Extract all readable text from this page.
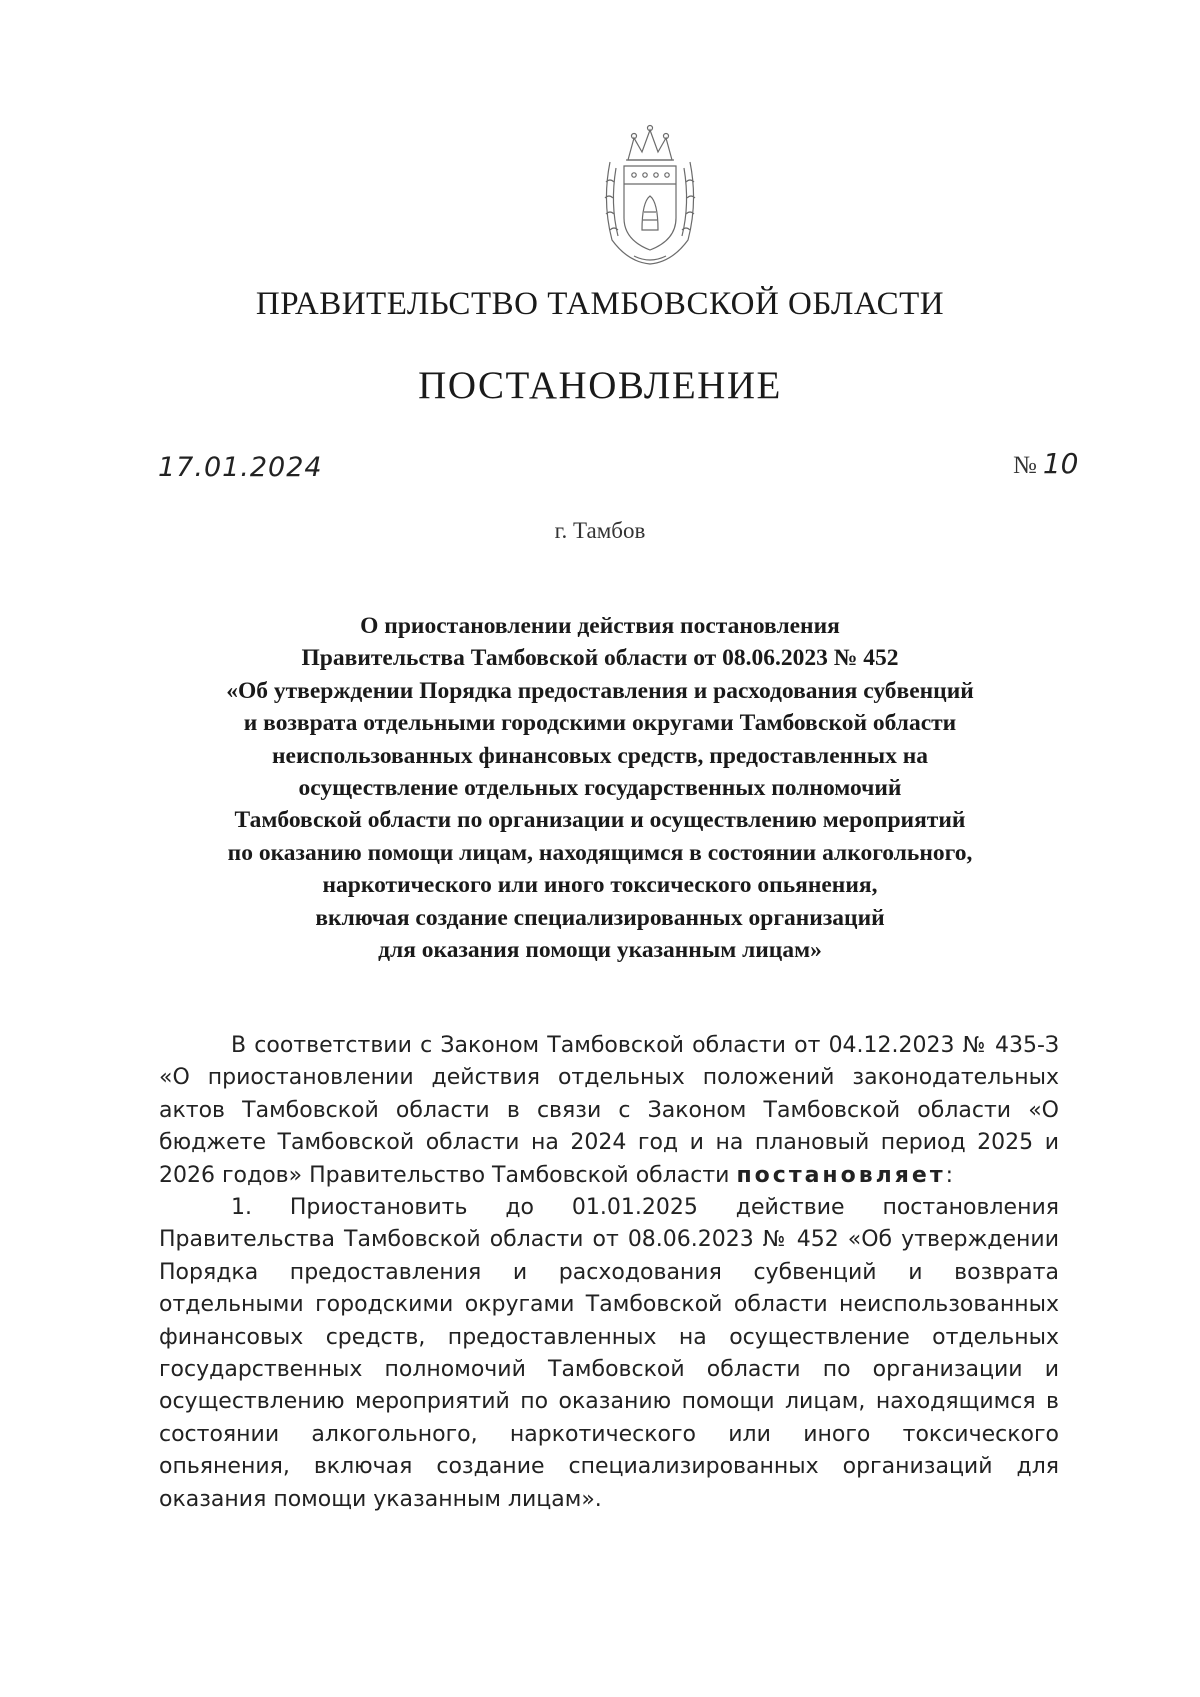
ПРАВИТЕЛЬСТВО ТАМБОВСКОЙ ОБЛАСТИ
ПОСТАНОВЛЕНИЕ
17.01.2024	№ 10
г. Тамбов
О приостановлении действия постановления
Правительства Тамбовской области от 08.06.2023 № 452
«Об утверждении Порядка предоставления и расходования субвенций
и возврата отдельными городскими округами Тамбовской области
неиспользованных финансовых средств, предоставленных на
осуществление отдельных государственных полномочий
Тамбовской области по организации и осуществлению мероприятий
по оказанию помощи лицам, находящимся в состоянии алкогольного,
наркотического или иного токсического опьянения,
включая создание специализированных организаций
для оказания помощи указанным лицам»

В соответствии с Законом Тамбовской области от 04.12.2023 № 435-З «О приостановлении действия отдельных положений законодательных актов Тамбовской области в связи с Законом Тамбовской области «О бюджете Тамбовской области на 2024 год и на плановый период 2025 и 2026 годов» Правительство Тамбовской области постановляет:

1. Приостановить до 01.01.2025 действие постановления Правительства Тамбовской области от 08.06.2023 № 452 «Об утверждении Порядка предоставления и расходования субвенций и возврата отдельными городскими округами Тамбовской области неиспользованных финансовых средств, предоставленных на осуществление отдельных государственных полномочий Тамбовской области по организации и осуществлению мероприятий по оказанию помощи лицам, находящимся в состоянии алкогольного, наркотического или иного токсического опьянения, включая создание специализированных организаций для оказания помощи указанным лицам».
